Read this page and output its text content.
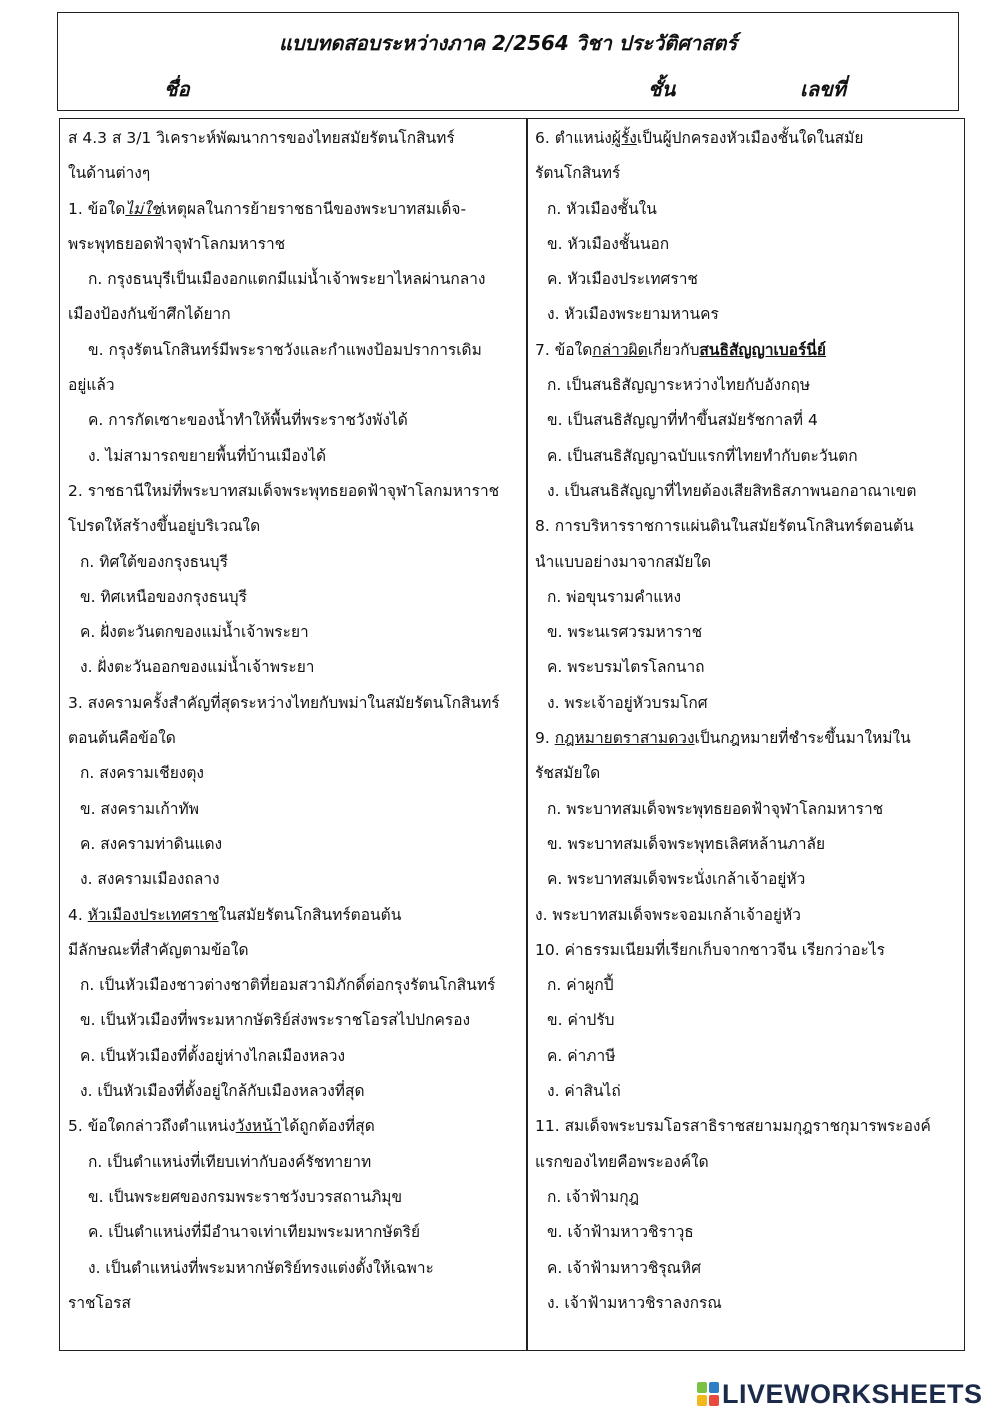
แบบทดสอบระหว่างภาค 2/2564 วิชา ประวัติศาสตร์
ชื่อ	ชั้น	เลขที่
ส 4.3 ส 3/1 วิเคราะห์พัฒนาการของไทยสมัยรัตนโกสินทร์
ในด้านต่างๆ
1. ข้อใดไม่ใช่เหตุผลในการย้ายราชธานีของพระบาทสมเด็จ-
พระพุทธยอดฟ้าจุฬาโลกมหาราช
ก. กรุงธนบุรีเป็นเมืองอกแตกมีแม่น้ำเจ้าพระยาไหลผ่านกลาง
เมืองป้องกันข้าศึกได้ยาก
ข. กรุงรัตนโกสินทร์มีพระราชวังและกำแพงป้อมปราการเดิม
อยู่แล้ว
ค. การกัดเซาะของน้ำทำให้พื้นที่พระราชวังพังได้
ง. ไม่สามารถขยายพื้นที่บ้านเมืองได้
2. ราชธานีใหม่ที่พระบาทสมเด็จพระพุทธยอดฟ้าจุฬาโลกมหาราช
โปรดให้สร้างขึ้นอยู่บริเวณใด
ก. ทิศใต้ของกรุงธนบุรี
ข. ทิศเหนือของกรุงธนบุรี
ค. ฝั่งตะวันตกของแม่น้ำเจ้าพระยา
ง. ฝั่งตะวันออกของแม่น้ำเจ้าพระยา
3. สงครามครั้งสำคัญที่สุดระหว่างไทยกับพม่าในสมัยรัตนโกสินทร์
ตอนต้นคือข้อใด
ก. สงครามเชียงตุง
ข. สงครามเก้าทัพ
ค. สงครามท่าดินแดง
ง. สงครามเมืองถลาง
4. หัวเมืองประเทศราชในสมัยรัตนโกสินทร์ตอนต้น
มีลักษณะที่สำคัญตามข้อใด
ก. เป็นหัวเมืองชาวต่างชาติที่ยอมสวามิภักดิ์ต่อกรุงรัตนโกสินทร์
ข. เป็นหัวเมืองที่พระมหากษัตริย์ส่งพระราชโอรสไปปกครอง
ค. เป็นหัวเมืองที่ตั้งอยู่ห่างไกลเมืองหลวง
ง. เป็นหัวเมืองที่ตั้งอยู่ใกล้กับเมืองหลวงที่สุด
5. ข้อใดกล่าวถึงตำแหน่งวังหน้าได้ถูกต้องที่สุด
ก. เป็นตำแหน่งที่เทียบเท่ากับองค์รัชทายาท
ข. เป็นพระยศของกรมพระราชวังบวรสถานภิมุข
ค. เป็นตำแหน่งที่มีอำนาจเท่าเทียมพระมหากษัตริย์
ง. เป็นตำแหน่งที่พระมหากษัตริย์ทรงแต่งตั้งให้เฉพาะ
ราชโอรส
6. ตำแหน่งผู้รั้งเป็นผู้ปกครองหัวเมืองชั้นใดในสมัย
รัตนโกสินทร์
ก. หัวเมืองชั้นใน
ข. หัวเมืองชั้นนอก
ค. หัวเมืองประเทศราช
ง. หัวเมืองพระยามหานคร
7. ข้อใดกล่าวผิดเกี่ยวกับสนธิสัญญาเบอร์นี่ย์
ก. เป็นสนธิสัญญาระหว่างไทยกับอังกฤษ
ข. เป็นสนธิสัญญาที่ทำขึ้นสมัยรัชกาลที่ 4
ค. เป็นสนธิสัญญาฉบับแรกที่ไทยทำกับตะวันตก
ง. เป็นสนธิสัญญาที่ไทยต้องเสียสิทธิสภาพนอกอาณาเขต
8. การบริหารราชการแผ่นดินในสมัยรัตนโกสินทร์ตอนต้น
นำแบบอย่างมาจากสมัยใด
ก. พ่อขุนรามคำแหง
ข. พระนเรศวรมหาราช
ค. พระบรมไตรโลกนาถ
ง. พระเจ้าอยู่หัวบรมโกศ
9. กฎหมายตราสามดวงเป็นกฎหมายที่ชำระขึ้นมาใหม่ใน
รัชสมัยใด
ก. พระบาทสมเด็จพระพุทธยอดฟ้าจุฬาโลกมหาราช
ข. พระบาทสมเด็จพระพุทธเลิศหล้านภาลัย
ค. พระบาทสมเด็จพระนั่งเกล้าเจ้าอยู่หัว
ง. พระบาทสมเด็จพระจอมเกล้าเจ้าอยู่หัว
10. ค่าธรรมเนียมที่เรียกเก็บจากชาวจีน เรียกว่าอะไร
ก. ค่าผูกปี้
ข. ค่าปรับ
ค. ค่าภาษี
ง. ค่าสินไถ่
11. สมเด็จพระบรมโอรสาธิราชสยามมกุฎราชกุมารพระองค์
แรกของไทยคือพระองค์ใด
ก. เจ้าฟ้ามกุฎ
ข. เจ้าฟ้ามหาวชิราวุธ
ค. เจ้าฟ้ามหาวชิรุณหิศ
ง. เจ้าฟ้ามหาวชิราลงกรณ
LIVEWORKSHEETS
